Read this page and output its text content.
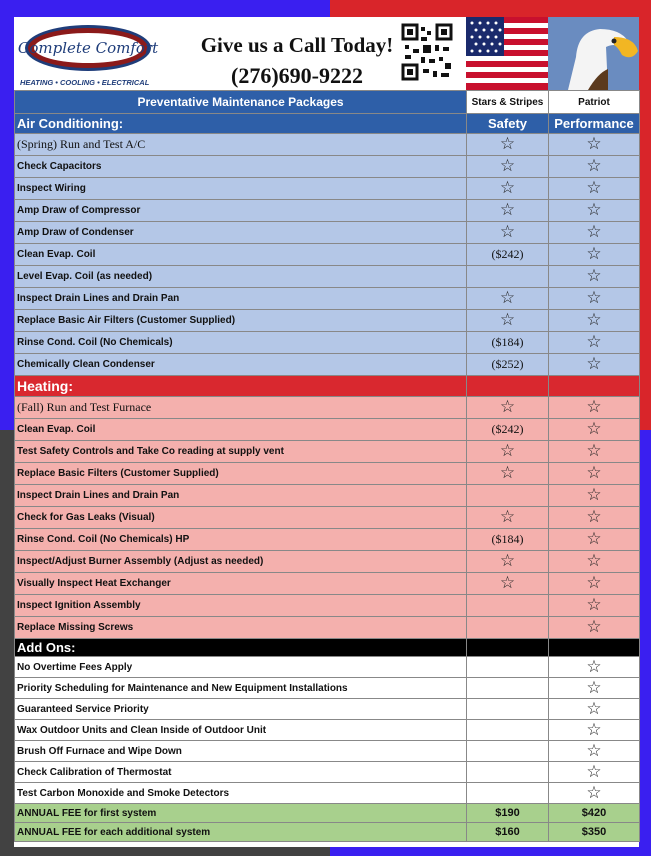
Complete Comfort
HEATING • COOLING • ELECTRICAL
Give us a Call Today!
(276)690-9222
Preventative Maintenance Packages	Stars & Stripes	Patriot
Air Conditioning:	Safety	Performance
(Spring) Run and Test A/C	☆	☆
Check Capacitors	☆	☆
Inspect Wiring	☆	☆
Amp Draw of Compressor	☆	☆
Amp Draw of Condenser	☆	☆
Clean Evap. Coil	($242)	☆
Level Evap. Coil (as needed)		☆
Inspect Drain Lines and Drain Pan	☆	☆
Replace Basic Air Filters (Customer Supplied)	☆	☆
Rinse Cond. Coil (No Chemicals)	($184)	☆
Chemically Clean Condenser	($252)	☆
Heating:		
(Fall) Run and Test Furnace	☆	☆
Clean Evap. Coil	($242)	☆
Test Safety Controls and Take Co reading at supply vent	☆	☆
Replace Basic Filters (Customer Supplied)	☆	☆
Inspect Drain Lines and Drain Pan		☆
Check for Gas Leaks (Visual)	☆	☆
Rinse Cond. Coil (No Chemicals) HP	($184)	☆
Inspect/Adjust Burner Assembly (Adjust as needed)	☆	☆
Visually Inspect Heat Exchanger	☆	☆
Inspect Ignition Assembly		☆
Replace Missing Screws		☆
Add Ons:		
No Overtime Fees Apply		☆
Priority Scheduling for Maintenance and New Equipment Installations		☆
Guaranteed Service Priority		☆
Wax Outdoor Units and Clean Inside of Outdoor Unit		☆
Brush Off Furnace and Wipe Down		☆
Check Calibration of Thermostat		☆
Test Carbon Monoxide and Smoke Detectors		☆
ANNUAL FEE for first system	$190	$420
ANNUAL FEE for each additional system	$160	$350
